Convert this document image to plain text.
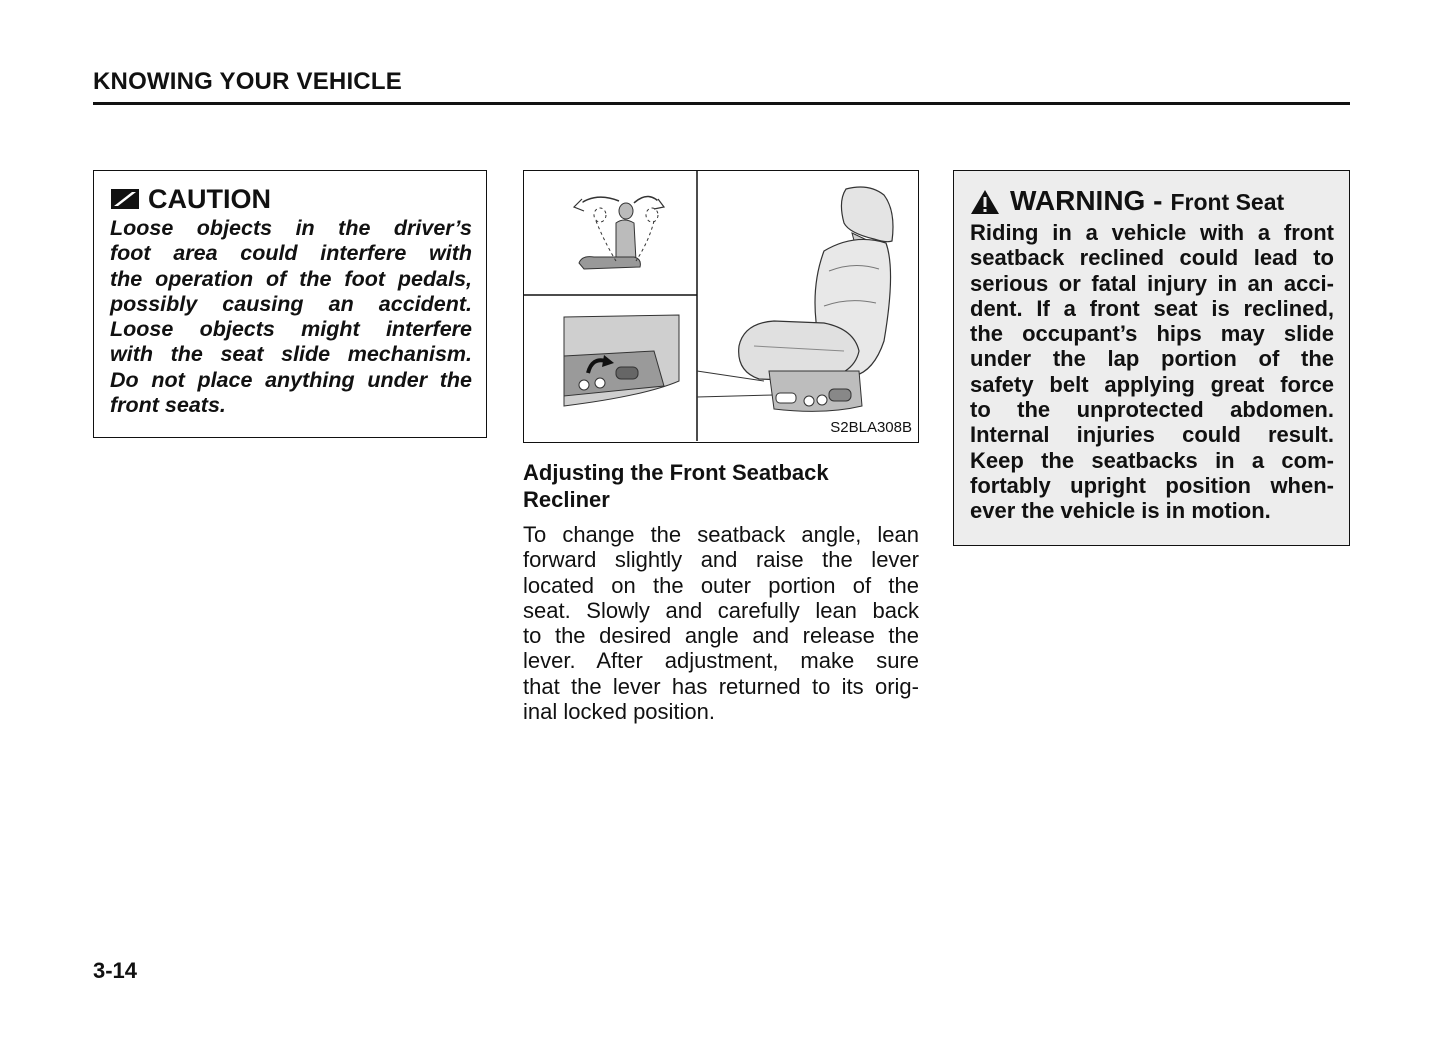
KNOWING YOUR VEHICLE
CAUTION
Loose objects in the driver’s
foot area could interfere with
the operation of the foot pedals,
possibly causing an accident.
Loose objects might interfere
with the seat slide mechanism.
Do not place anything under the
front seats.
S2BLA308B
Adjusting the Front Seatback
Recliner
To change the seatback angle, lean
forward slightly and raise the lever
located on the outer portion of the
seat. Slowly and carefully lean back
to the desired angle and release the
lever. After adjustment, make sure
that the lever has returned to its orig-
inal locked position.
WARNING - Front Seat
Riding in a vehicle with a front
seatback reclined could lead to
serious or fatal injury in an acci-
dent. If a front seat is reclined,
the occupant’s hips may slide
under the lap portion of the
safety belt applying great force
to the unprotected abdomen.
Internal injuries could result.
Keep the seatbacks in a com-
fortably upright position when-
ever the vehicle is in motion.
3-14
